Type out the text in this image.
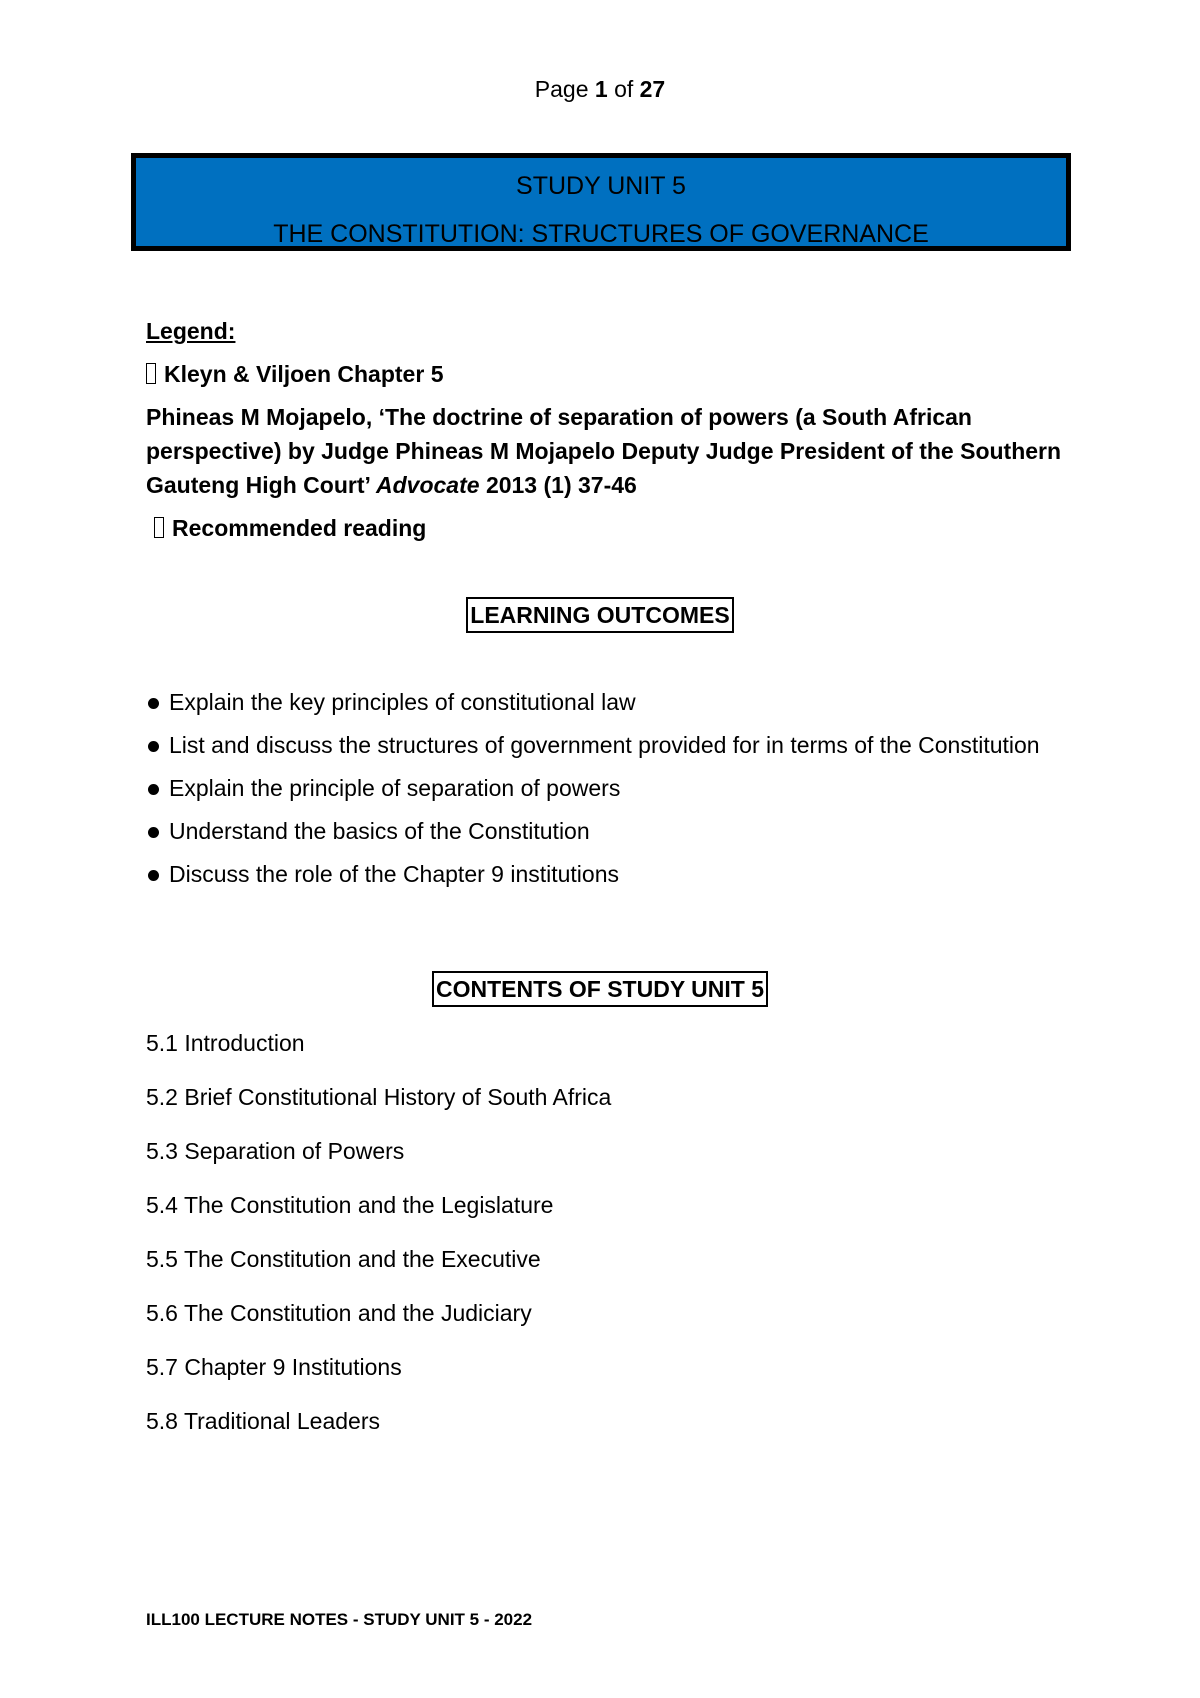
Page 1 of 27
STUDY UNIT 5
THE CONSTITUTION: STRUCTURES OF GOVERNANCE
Legend:
Kleyn & Viljoen Chapter 5
Phineas M Mojapelo, ‘The doctrine of separation of powers (a South African perspective) by Judge Phineas M Mojapelo Deputy Judge President of the Southern Gauteng High Court’ Advocate 2013 (1) 37-46
Recommended reading
LEARNING OUTCOMES
Explain the key principles of constitutional law
List and discuss the structures of government provided for in terms of the Constitution
Explain the principle of separation of powers
Understand the basics of the Constitution
Discuss the role of the Chapter 9 institutions
CONTENTS OF STUDY UNIT 5
5.1 Introduction
5.2 Brief Constitutional History of South Africa
5.3 Separation of Powers
5.4 The Constitution and the Legislature
5.5 The Constitution and the Executive
5.6 The Constitution and the Judiciary
5.7 Chapter 9 Institutions
5.8 Traditional Leaders
ILL100 LECTURE NOTES - STUDY UNIT 5 - 2022
